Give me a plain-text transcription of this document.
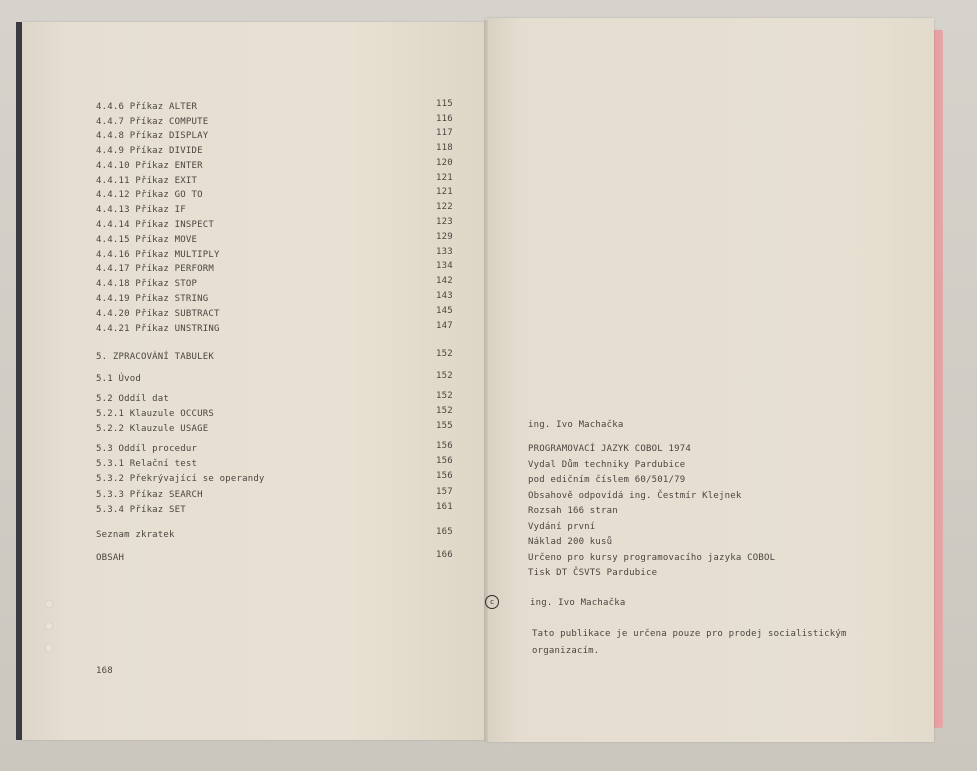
4.4.6 Příkaz ALTER	115
4.4.7 Příkaz COMPUTE	116
4.4.8 Příkaz DISPLAY	117
4.4.9 Příkaz DIVIDE	118
4.4.10 Příkaz ENTER	120
4.4.11 Příkaz EXIT	121
4.4.12 Příkaz GO TO	121
4.4.13 Příkaz IF	122
4.4.14 Příkaz INSPECT	123
4.4.15 Příkaz MOVE	129
4.4.16 Příkaz MULTIPLY	133
4.4.17 Příkaz PERFORM	134
4.4.18 Příkaz STOP	142
4.4.19 Příkaz STRING	143
4.4.20 Příkaz SUBTRACT	145
4.4.21 Příkaz UNSTRING	147
5. ZPRACOVÁNÍ TABULEK	152
5.1 Úvod	152
5.2 Oddíl dat	152
5.2.1 Klauzule OCCURS	152
5.2.2 Klauzule USAGE	155
5.3 Oddíl procedur	156
5.3.1 Relační test	156
5.3.2 Překrývající se operandy	156
5.3.3 Příkaz SEARCH	157
5.3.4 Příkaz SET	161
Seznam zkratek	165
OBSAH	166
168
ing. Ivo Machačka
PROGRAMOVACÍ JAZYK COBOL 1974
Vydal Dům techniky Pardubice
pod edičním číslem 60/501/79
Obsahově odpovídá ing. Čestmír Klejnek
Rozsah 166 stran
Vydání první
Náklad 200 kusů
Určeno pro kursy programovacího jazyka COBOL
Tisk DT ČSVTS Pardubice
c	ing. Ivo Machačka
Tato publikace je určena pouze pro prodej socialistickým
organizacím.
